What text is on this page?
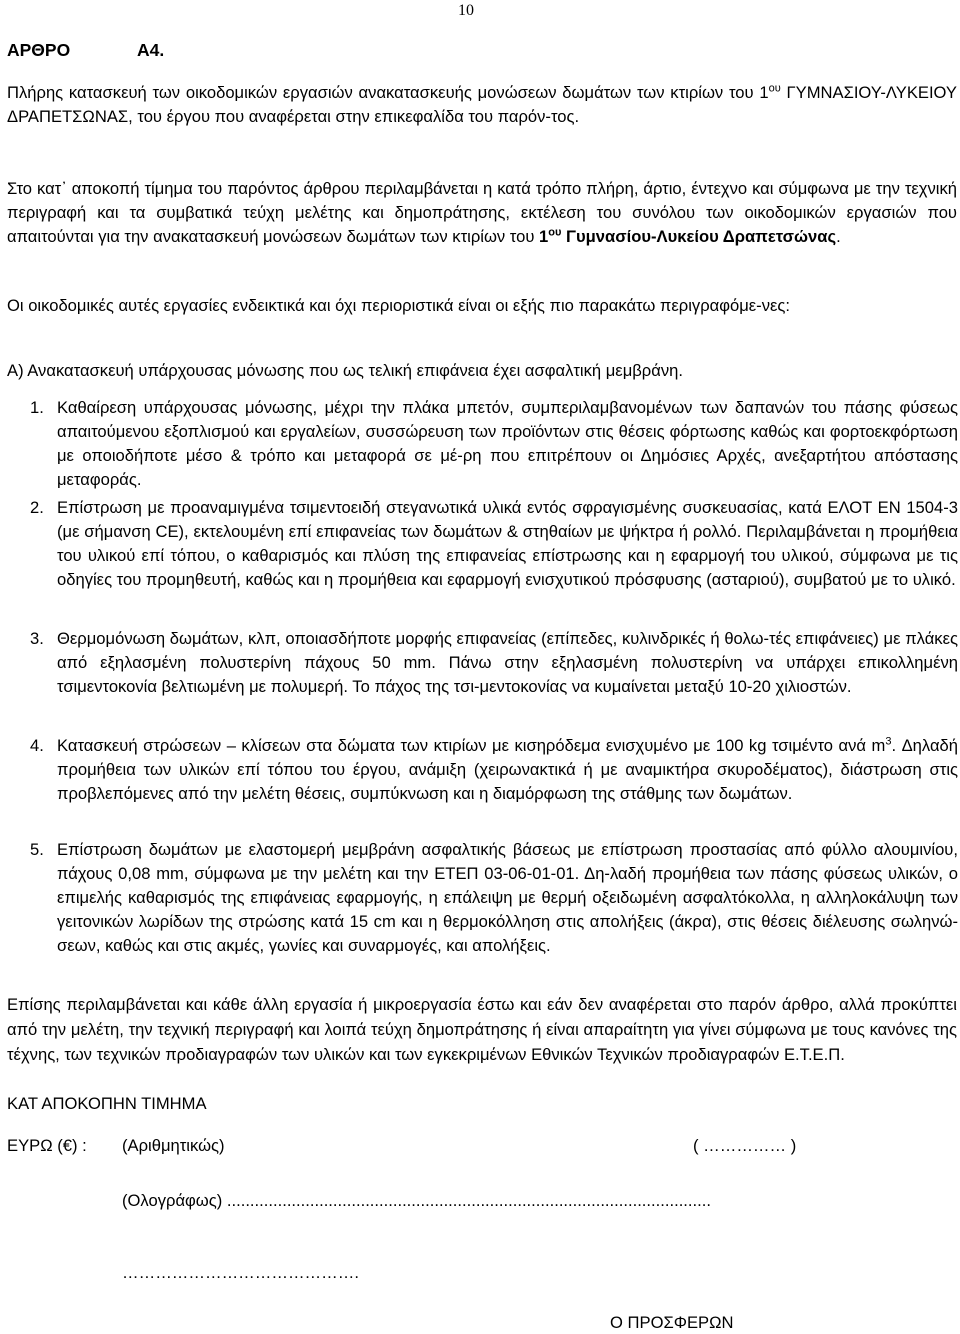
10
ΑΡΘΡΟ	Α4.
Πλήρης κατασκευή των οικοδομικών εργασιών ανακατασκευής μονώσεων δωμάτων των κτιρίων του $1^{o\upsilon}$ ΓΥΜΝΑΣΙΟΥ-ΛΥΚΕΙΟΥ ΔΡΑΠΕΤΣΩΝΑΣ, του έργου που αναφέρεται στην επικεφαλίδα του παρόν-τος.
Στο κατ᾽ αποκοπή τίμημα του παρόντος άρθρου περιλαμβάνεται η κατά τρόπο πλήρη, άρτιο, έντεχνο και σύμφωνα με την τεχνική περιγραφή και τα συμβατικά τεύχη μελέτης και δημοπράτησης, εκτέλεση του συνόλου των οικοδομικών εργασιών που απαιτούνται για την ανακατασκευή μονώσεων δωμάτων των κτιρίων του $1^{o\upsilon}$ Γυμνασίου-Λυκείου Δραπετσώνας.
Οι οικοδομικές αυτές εργασίες ενδεικτικά και όχι περιοριστικά είναι οι εξής πιο παρακάτω περιγραφόμε-νες:
Α) Ανακατασκευή υπάρχουσας μόνωσης που ως τελική επιφάνεια έχει ασφαλτική μεμβράνη.
1. Καθαίρεση υπάρχουσας μόνωσης, μέχρι την πλάκα μπετόν, συμπεριλαμβανομένων των δαπανών του πάσης φύσεως απαιτούμενου εξοπλισμού και εργαλείων, συσσώρευση των προϊόντων στις θέσεις φόρτωσης καθώς και φορτοεκφόρτωση με οποιοδήποτε μέσο & τρόπο και μεταφορά σε μέ-ρη που επιτρέπουν οι Δημόσιες Αρχές, ανεξαρτήτου απόστασης μεταφοράς.
2. Επίστρωση με προαναμιγμένα τσιμεντοειδή στεγανωτικά υλικά εντός σφραγισμένης συσκευασίας, κατά ΕΛΟΤ ΕΝ 1504-3 (με σήμανση CE), εκτελουμένη επί επιφανείας των δωμάτων & στηθαίων με ψήκτρα ή ρολλό. Περιλαμβάνεται η προμήθεια του υλικού επί τόπου, ο καθαρισμός και πλύση της επιφανείας επίστρωσης και η εφαρμογή του υλικού, σύμφωνα με τις οδηγίες του προμηθευτή, καθώς και η προμήθεια και εφαρμογή ενισχυτικού πρόσφυσης (ασταριού), συμβατού με το υλικό.
3. Θερμομόνωση δωμάτων, κλπ, οποιασδήποτε μορφής επιφανείας (επίπεδες, κυλινδρικές ή θολω-τές επιφάνειες) με πλάκες από εξηλασμένη πολυστερίνη πάχους 50 mm. Πάνω στην εξηλασμένη πολυστερίνη να υπάρχει επικολλημένη τσιμεντοκονία βελτιωμένη με πολυμερή. Το πάχος της τσι-μεντοκονίας να κυμαίνεται μεταξύ 10-20 χιλιοστών.
4. Κατασκευή στρώσεων – κλίσεων στα δώματα των κτιρίων με κισηρόδεμα ενισχυμένο με 100 kg τσιμέντο ανά $m^3$. Δηλαδή προμήθεια των υλικών επί τόπου του έργου, ανάμιξη (χειρωνακτικά ή με αναμικτήρα σκυροδέματος), διάστρωση στις προβλεπόμενες από την μελέτη θέσεις, συμπύκνωση και η διαμόρφωση της στάθμης των δωμάτων.
5. Επίστρωση δωμάτων με ελαστομερή μεμβράνη ασφαλτικής βάσεως με επίστρωση προστασίας από φύλλο αλουμινίου, πάχους 0,08 mm, σύμφωνα με την μελέτη και την ΕΤΕΠ 03-06-01-01. Δη-λαδή προμήθεια των πάσης φύσεως υλικών, ο επιμελής καθαρισμός της επιφάνειας εφαρμογής, η επάλειψη με θερμή οξειδωμένη ασφαλτόκολλα, η αλληλοκάλυψη των γειτονικών λωρίδων της στρώσης κατά 15 cm και η θερμοκόλληση στις απολήξεις (άκρα), στις θέσεις διέλευσης σωληνώ-σεων, καθώς και στις ακμές, γωνίες και συναρμογές, και απολήξεις.
Επίσης περιλαμβάνεται και κάθε άλλη εργασία ή μικροεργασία έστω και εάν δεν αναφέρεται στο παρόν άρθρο, αλλά προκύπτει από την μελέτη, την τεχνική περιγραφή και λοιπά τεύχη δημοπράτησης ή είναι απαραίτητη για γίνει σύμφωνα με τους κανόνες της τέχνης, των τεχνικών προδιαγραφών των υλικών και των εγκεκριμένων Εθνικών Τεχνικών προδιαγραφών Ε.Τ.Ε.Π.
ΚΑΤ ΑΠΟΚΟΠΗΝ ΤΙΜΗΜΑ
ΕΥΡΩ (€) : (Αριθμητικώς)	( …………… )
(Ολογράφως) .........................................................................................................
…………………………………….
Ο ΠΡΟΣΦΕΡΩΝ
